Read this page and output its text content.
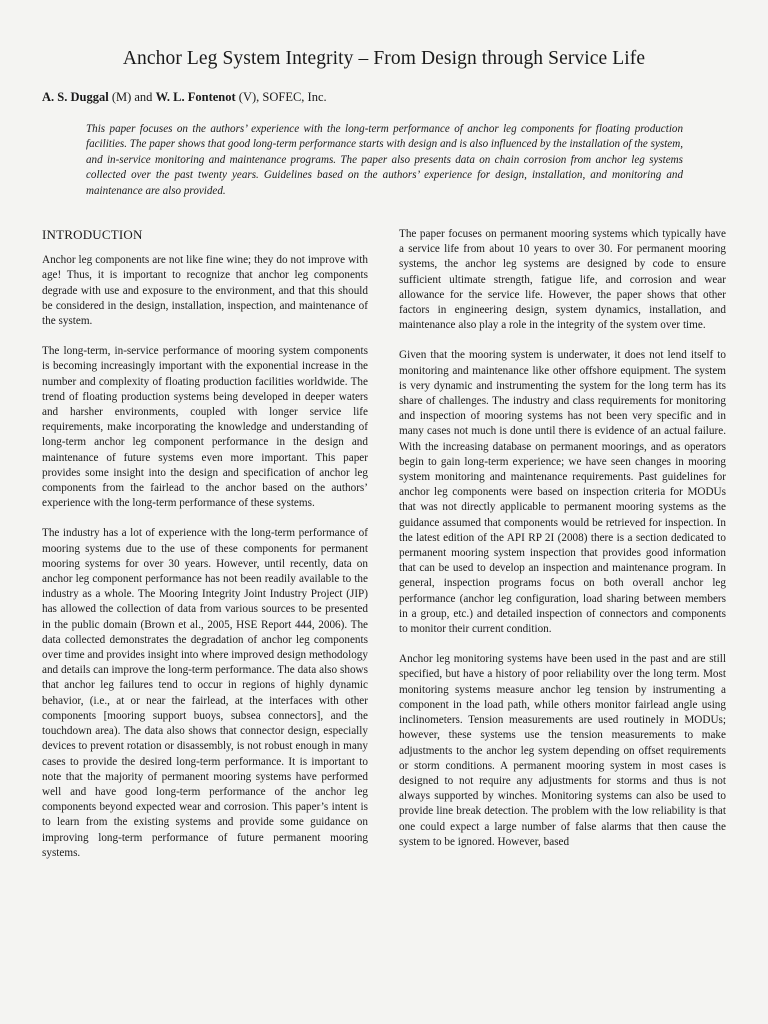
Anchor Leg System Integrity – From Design through Service Life
A. S. Duggal (M) and W. L. Fontenot (V), SOFEC, Inc.
This paper focuses on the authors’ experience with the long-term performance of anchor leg components for floating production facilities. The paper shows that good long-term performance starts with design and is also influenced by the installation of the system, and in-service monitoring and maintenance programs. The paper also presents data on chain corrosion from anchor leg systems collected over the past twenty years. Guidelines based on the authors’ experience for design, installation, and monitoring and maintenance are also provided.
INTRODUCTION

Anchor leg components are not like fine wine; they do not improve with age! Thus, it is important to recognize that anchor leg components degrade with use and exposure to the environment, and that this should be considered in the design, installation, inspection, and maintenance of the system.

The long-term, in-service performance of mooring system components is becoming increasingly important with the exponential increase in the number and complexity of floating production facilities worldwide. The trend of floating production systems being developed in deeper waters and harsher environments, coupled with longer service life requirements, make incorporating the knowledge and understanding of long-term anchor leg component performance in the design and maintenance of future systems even more important. This paper provides some insight into the design and specification of anchor leg components from the fairlead to the anchor based on the authors’ experience with the long-term performance of these systems.

The industry has a lot of experience with the long-term performance of mooring systems due to the use of these components for permanent mooring systems for over 30 years. However, until recently, data on anchor leg component performance has not been readily available to the industry as a whole. The Mooring Integrity Joint Industry Project (JIP) has allowed the collection of data from various sources to be presented in the public domain (Brown et al., 2005, HSE Report 444, 2006). The data collected demonstrates the degradation of anchor leg components over time and provides insight into where improved design methodology and details can improve the long-term performance. The data also shows that anchor leg failures tend to occur in regions of highly dynamic behavior, (i.e., at or near the fairlead, at the interfaces with other components [mooring support buoys, subsea connectors], and the touchdown area). The data also shows that connector design, especially devices to prevent rotation or disassembly, is not robust enough in many cases to provide the desired long-term performance. It is important to note that the majority of permanent mooring systems have performed well and have good long-term performance of the anchor leg components beyond expected wear and corrosion. This paper’s intent is to learn from the existing systems and provide some guidance on improving long-term performance of future permanent mooring systems.

The paper focuses on permanent mooring systems which typically have a service life from about 10 years to over 30. For permanent mooring systems, the anchor leg systems are designed by code to ensure sufficient ultimate strength, fatigue life, and corrosion and wear allowance for the service life. However, the paper shows that other factors in engineering design, system dynamics, installation, and maintenance also play a role in the integrity of the system over time.

Given that the mooring system is underwater, it does not lend itself to monitoring and maintenance like other offshore equipment. The system is very dynamic and instrumenting the system for the long term has its share of challenges. The industry and class requirements for monitoring and inspection of mooring systems has not been very specific and in many cases not much is done until there is evidence of an actual failure. With the increasing database on permanent moorings, and as operators begin to gain long-term experience; we have seen changes in mooring system monitoring and maintenance requirements. Past guidelines for anchor leg components were based on inspection criteria for MODUs that was not directly applicable to permanent mooring systems as the guidance assumed that components would be retrieved for inspection. In the latest edition of the API RP 2I (2008) there is a section dedicated to permanent mooring system inspection that provides good information that can be used to develop an inspection and maintenance program. In general, inspection programs focus on both overall anchor leg performance (anchor leg configuration, load sharing between members in a group, etc.) and detailed inspection of connectors and components to monitor their current condition.

Anchor leg monitoring systems have been used in the past and are still specified, but have a history of poor reliability over the long term. Most monitoring systems measure anchor leg tension by instrumenting a component in the load path, while others monitor fairlead angle using inclinometers. Tension measurements are used routinely in MODUs; however, these systems use the tension measurements to make adjustments to the anchor leg system depending on offset requirements or storm conditions. A permanent mooring system in most cases is designed to not require any adjustments for storms and thus is not always supported by winches. Monitoring systems can also be used to provide line break detection. The problem with the low reliability is that one could expect a large number of false alarms that then cause the system to be ignored. However, based
